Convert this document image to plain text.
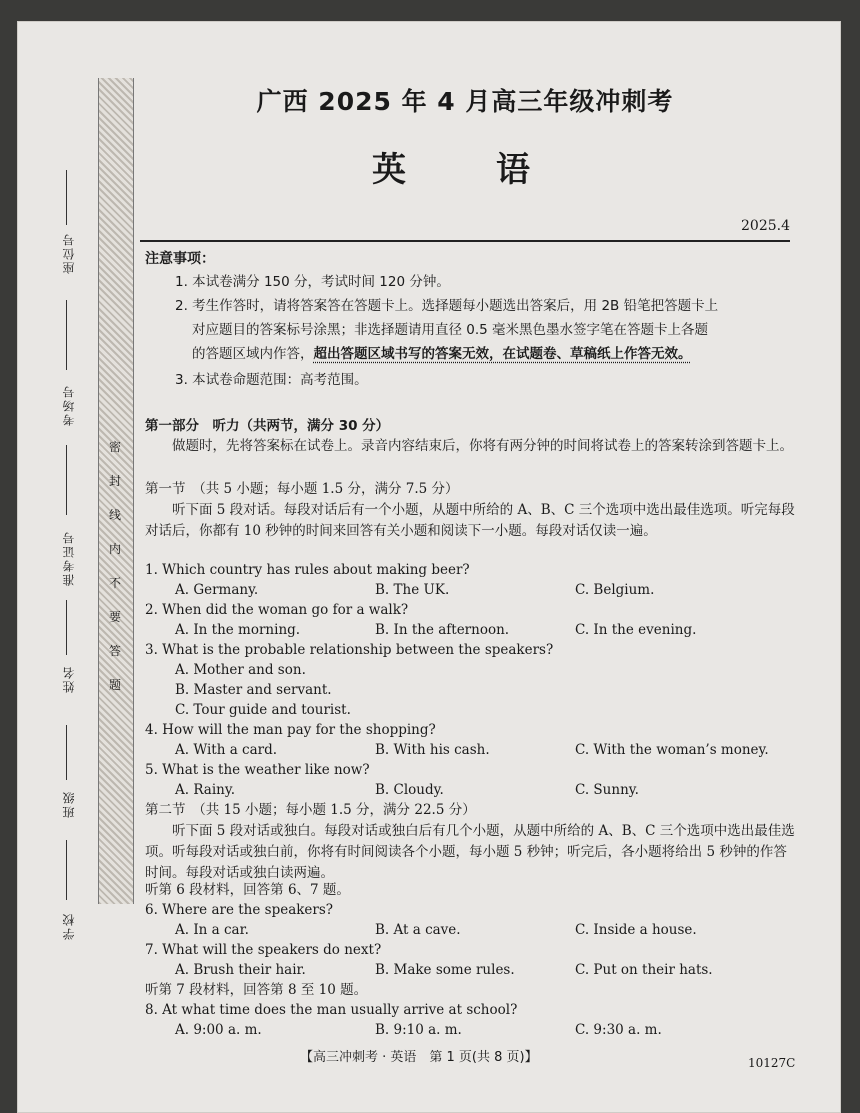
密封线内不要答题
座位号
考场号
准考证号
姓名
班级
学校
广西 2025 年 4 月高三年级冲刺考
英　语
2025.4
注意事项：
1. 本试卷满分 150 分，考试时间 120 分钟。
2. 考生作答时，请将答案答在答题卡上。选择题每小题选出答案后，用 2B 铅笔把答题卡上
对应题目的答案标号涂黑；非选择题请用直径 0.5 毫米黑色墨水签字笔在答题卡上各题
的答题区域内作答，超出答题区域书写的答案无效，在试题卷、草稿纸上作答无效。
3. 本试卷命题范围：高考范围。
第一部分　听力（共两节，满分 30 分）
做题时，先将答案标在试卷上。录音内容结束后，你将有两分钟的时间将试卷上的答案转涂到答题卡上。
第一节　（共 5 小题；每小题 1.5 分，满分 7.5 分）
听下面 5 段对话。每段对话后有一个小题，从题中所给的 A、B、C 三个选项中选出最佳选项。听完每段对话后，你都有 10 秒钟的时间来回答有关小题和阅读下一小题。每段对话仅读一遍。
1. Which country has rules about making beer?
A. Germany.	B. The UK.	C. Belgium.
2. When did the woman go for a walk?
A. In the morning.	B. In the afternoon.	C. In the evening.
3. What is the probable relationship between the speakers?
A. Mother and son.
B. Master and servant.
C. Tour guide and tourist.
4. How will the man pay for the shopping?
A. With a card.	B. With his cash.	C. With the woman’s money.
5. What is the weather like now?
A. Rainy.	B. Cloudy.	C. Sunny.
第二节　（共 15 小题；每小题 1.5 分，满分 22.5 分）
听下面 5 段对话或独白。每段对话或独白后有几个小题，从题中所给的 A、B、C 三个选项中选出最佳选项。听每段对话或独白前，你将有时间阅读各个小题，每小题 5 秒钟；听完后，各小题将给出 5 秒钟的作答时间。每段对话或独白读两遍。
听第 6 段材料，回答第 6、7 题。
6. Where are the speakers?
A. In a car.	B. At a cave.	C. Inside a house.
7. What will the speakers do next?
A. Brush their hair.	B. Make some rules.	C. Put on their hats.
听第 7 段材料，回答第 8 至 10 题。
8. At what time does the man usually arrive at school?
A. 9:00 a. m.	B. 9:10 a. m.	C. 9:30 a. m.
【高三冲刺考 · 英语　第 1 页(共 8 页)】	10127C
